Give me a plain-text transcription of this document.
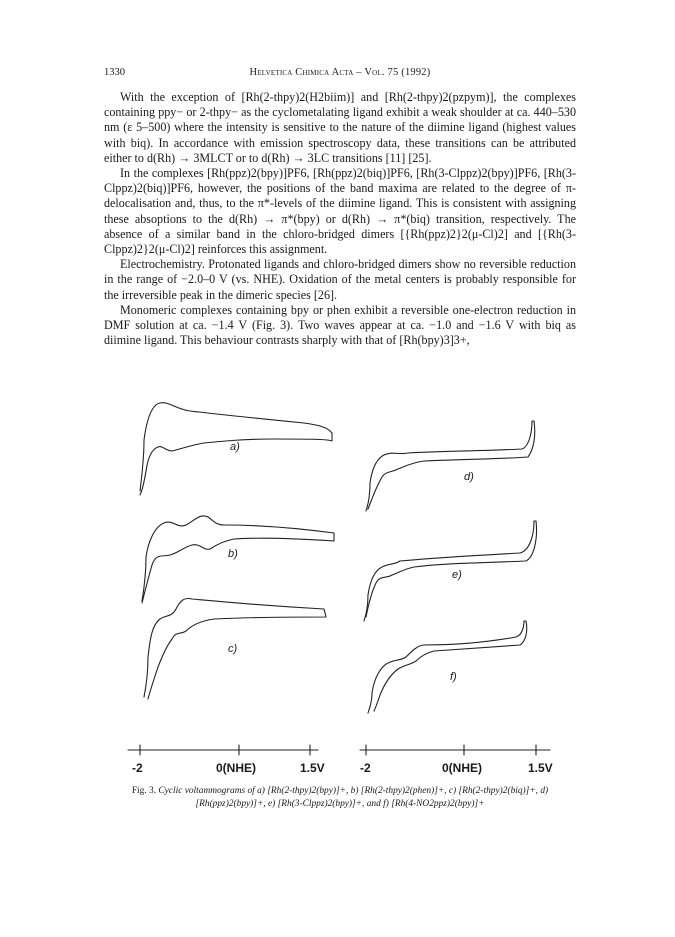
1330	Helvetica Chimica Acta – Vol. 75 (1992)

With the exception of [Rh(2-thpy)2(H2biim)] and [Rh(2-thpy)2(pzpym)], the complexes containing ppy− or 2-thpy− as the cyclometalating ligand exhibit a weak shoulder at ca. 440–530 nm (ε 5–500) where the intensity is sensitive to the nature of the diimine ligand (highest values with biq). In accordance with emission spectroscopy data, these transitions can be attributed either to d(Rh) → 3MLCT or to d(Rh) → 3LC transitions [11] [25].

In the complexes [Rh(ppz)2(bpy)]PF6, [Rh(ppz)2(biq)]PF6, [Rh(3-Clppz)2(bpy)]PF6, [Rh(3-Clppz)2(biq)]PF6, however, the positions of the band maxima are related to the degree of π-delocalisation and, thus, to the π*-levels of the diimine ligand. This is consistent with assigning these absoptions to the d(Rh) → π*(bpy) or d(Rh) → π*(biq) transition, respectively. The absence of a similar band in the chloro-bridged dimers [{Rh(ppz)2}2(μ-Cl)2] and [{Rh(3-Clppz)2}2(μ-Cl)2] reinforces this assignment.

Electrochemistry. Protonated ligands and chloro-bridged dimers show no reversible reduction in the range of −2.0–0 V (vs. NHE). Oxidation of the metal centers is probably responsible for the irreversible peak in the dimeric species [26].

Monomeric complexes containing bpy or phen exhibit a reversible one-electron reduction in DMF solution at ca. −1.4 V (Fig. 3). Two waves appear at ca. −1.0 and −1.6 V with biq as diimine ligand. This behaviour contrasts sharply with that of [Rh(bpy)3]3+,

a)
b)
c)
d)
e)
f)
-2	0(NHE)	1.5V	-2	0(NHE)	1.5V
Fig. 3. Cyclic voltammograms of a) [Rh(2-thpy)2(bpy)]+, b) [Rh(2-thpy)2(phen)]+, c) [Rh(2-thpy)2(biq)]+, d) [Rh(ppz)2(bpy)]+, e) [Rh(3-Clppz)2(bpy)]+, and f) [Rh(4-NO2ppz)2(bpy)]+
